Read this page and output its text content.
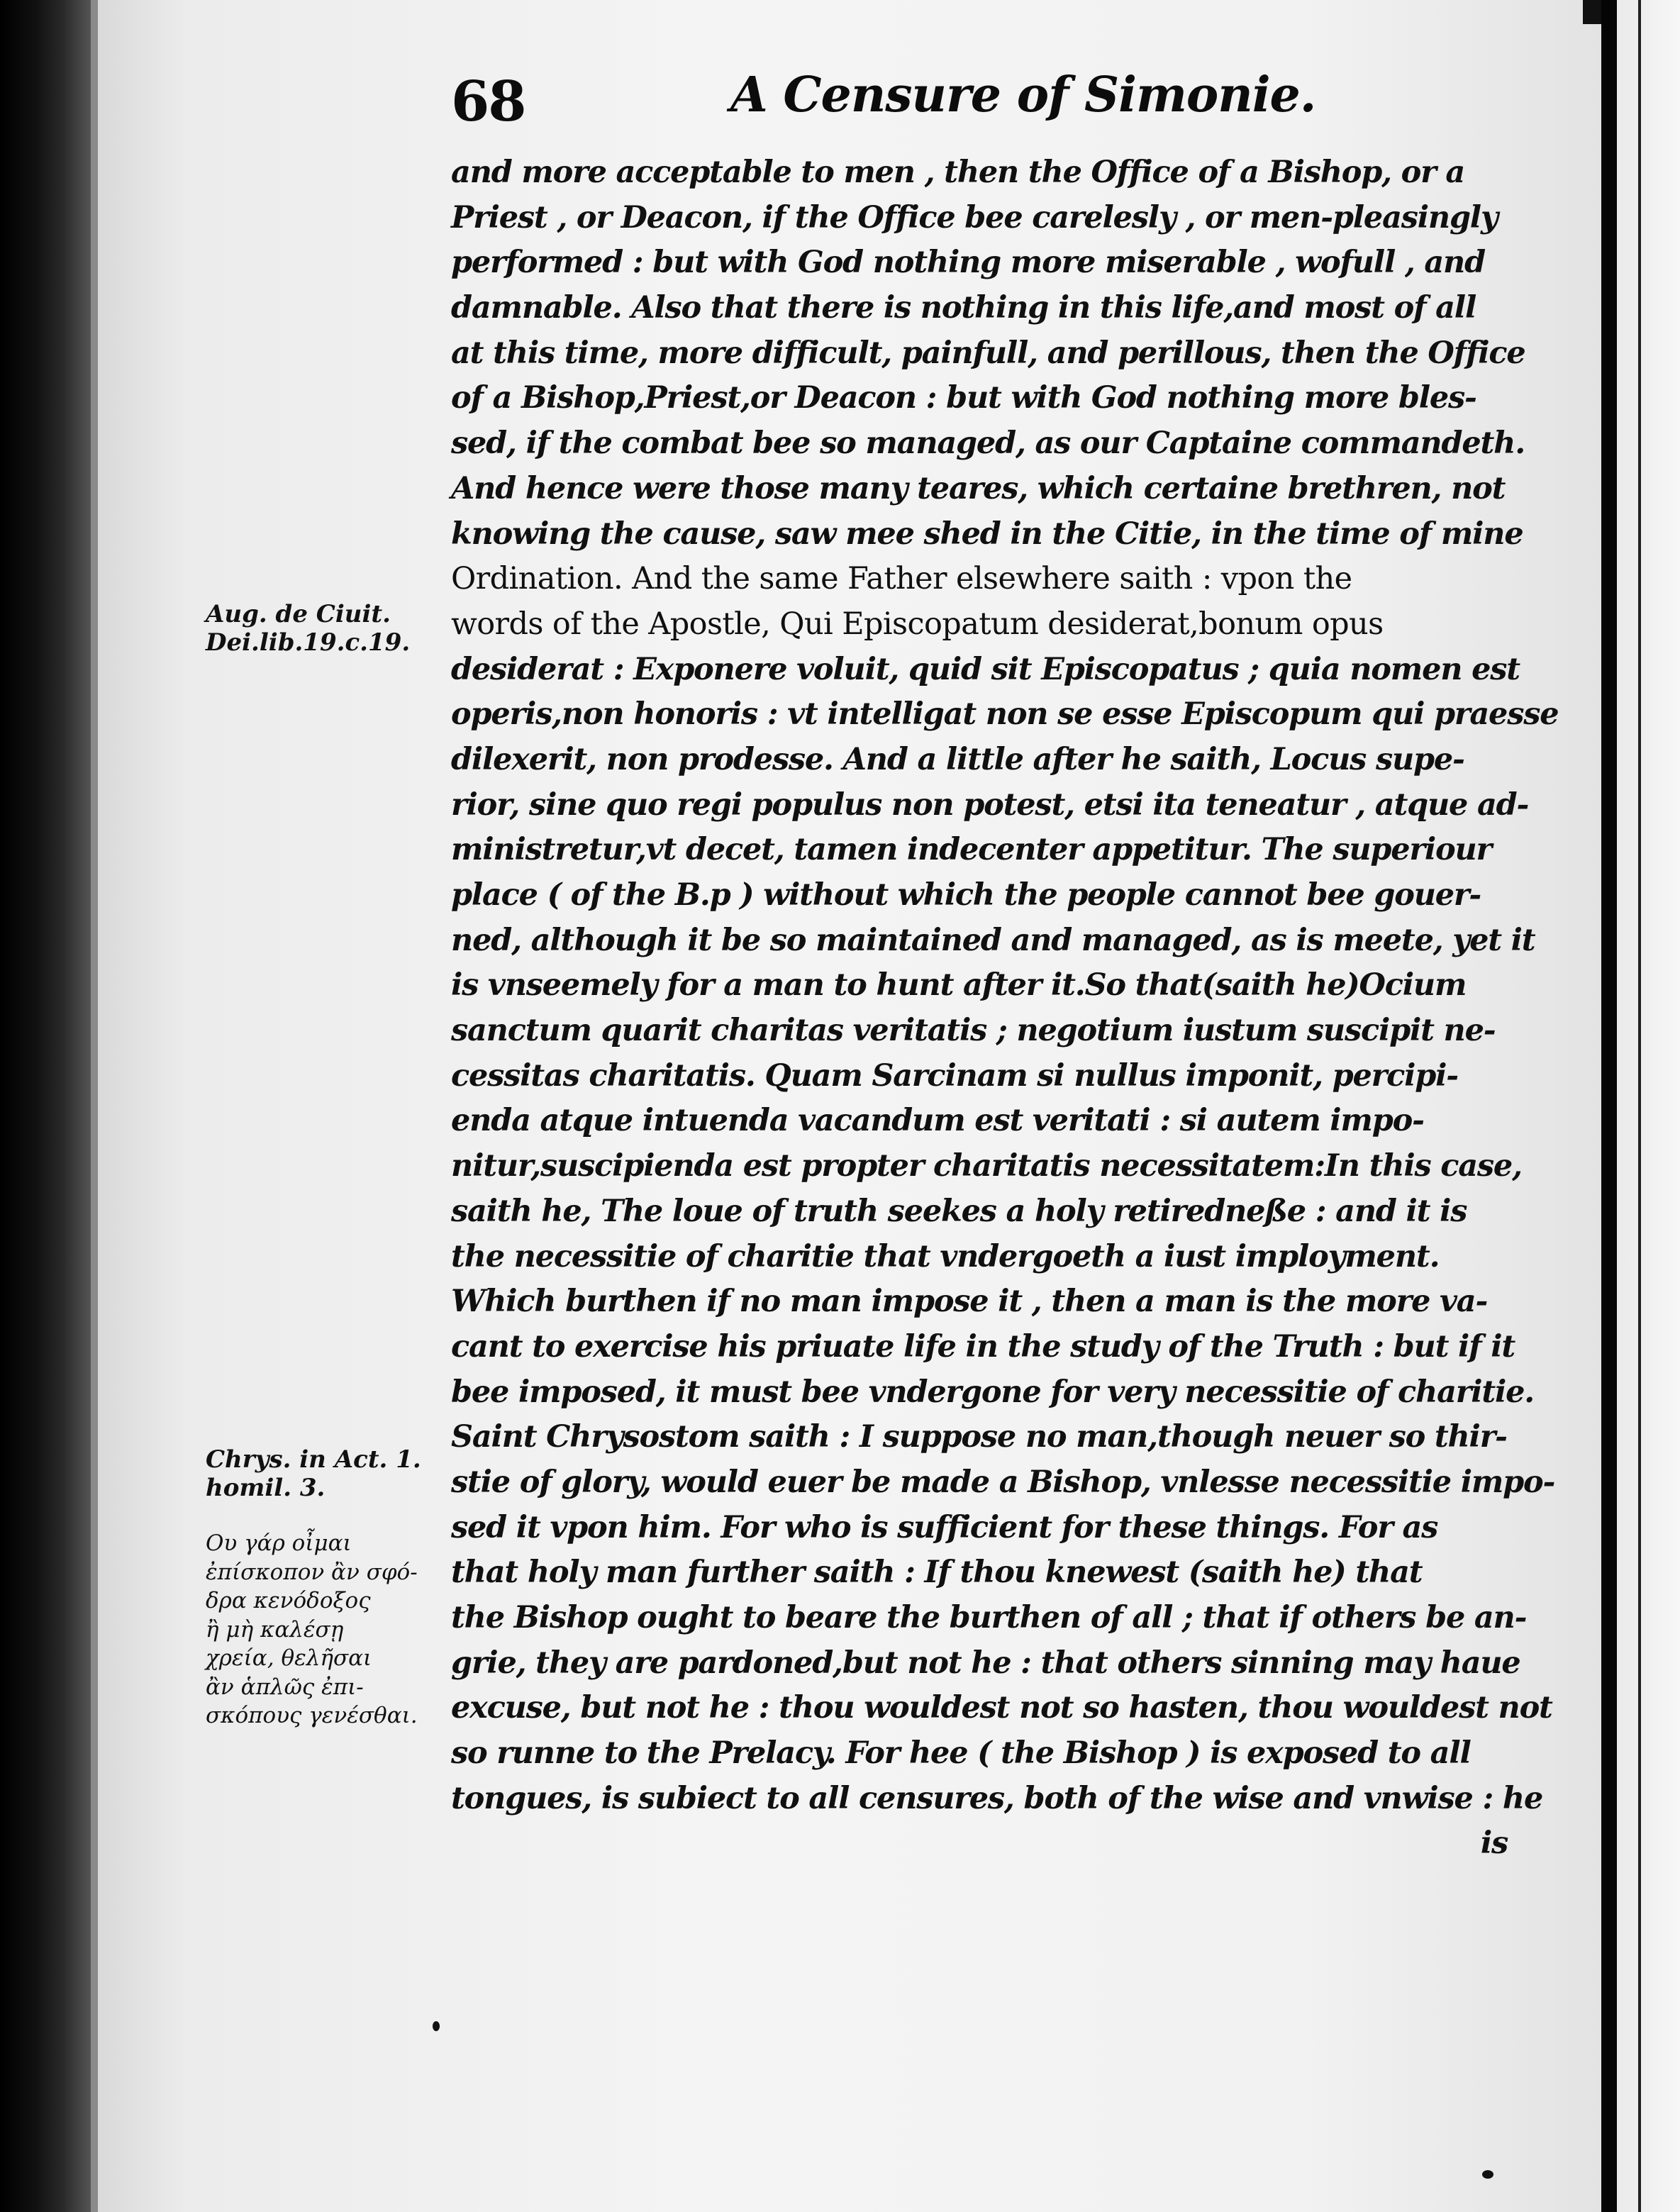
68	A Censure of Simonie.
and more acceptable to men , then the Office of a Bishop, or a
Priest , or Deacon, if the Office bee carelesly , or men-pleasingly
performed : but with God nothing more miserable , wofull , and
damnable. Also that there is nothing in this life,and most of all
at this time, more difficult, painfull, and perillous, then the Office
of a Bishop,Priest,or Deacon : but with God nothing more bles-
sed, if the combat bee so managed, as our Captaine commandeth.
And hence were those many teares, which certaine brethren, not
knowing the cause, saw mee shed in the Citie, in the time of mine
Ordination. And the same Father elsewhere saith : vpon the
words of the Apostle, Qui Episcopatum desiderat,bonum opus
desiderat : Exponere voluit, quid sit Episcopatus ; quia nomen est
operis,non honoris : vt intelligat non se esse Episcopum qui praesse
dilexerit, non prodesse. And a little after he saith, Locus supe-
rior, sine quo regi populus non potest, etsi ita teneatur , atque ad-
ministretur,vt decet, tamen indecenter appetitur. The superiour
place ( of the B.p ) without which the people cannot bee gouer-
ned, although it be so maintained and managed, as is meete, yet it
is vnseemely for a man to hunt after it.So that(saith he)Ocium
sanctum quarit charitas veritatis ; negotium iustum suscipit ne-
cessitas charitatis. Quam Sarcinam si nullus imponit, percipi-
enda atque intuenda vacandum est veritati : si autem impo-
nitur,suscipienda est propter charitatis necessitatem:In this case,
saith he, The loue of truth seekes a holy retiredneße : and it is
the necessitie of charitie that vndergoeth a iust imployment.
Which burthen if no man impose it , then a man is the more va-
cant to exercise his priuate life in the study of the Truth : but if it
bee imposed, it must bee vndergone for very necessitie of charitie.
Saint Chrysostom saith : I suppose no man,though neuer so thir-
stie of glory, would euer be made a Bishop, vnlesse necessitie impo-
sed it vpon him. For who is sufficient for these things. For as
that holy man further saith : If thou knewest (saith he) that
the Bishop ought to beare the burthen of all ; that if others be an-
grie, they are pardoned,but not he : that others sinning may haue
excuse, but not he : thou wouldest not so hasten, thou wouldest not
so runne to the Prelacy. For hee ( the Bishop ) is exposed to all
tongues, is subiect to all censures, both of the wise and vnwise : he
is
Aug. de Ciuit.
Dei.lib.19.c.19.
Chrys. in Act. 1.
homil. 3.
Ου γάρ οἶμαι
ἐπίσκοπον ἂν σφό-
δρα κενόδοξος
ἢ μὴ καλέσῃ
χρεία, θελῆσαι
ἂν ἁπλῶς ἐπι-
σκόπους γενέσθαι.
